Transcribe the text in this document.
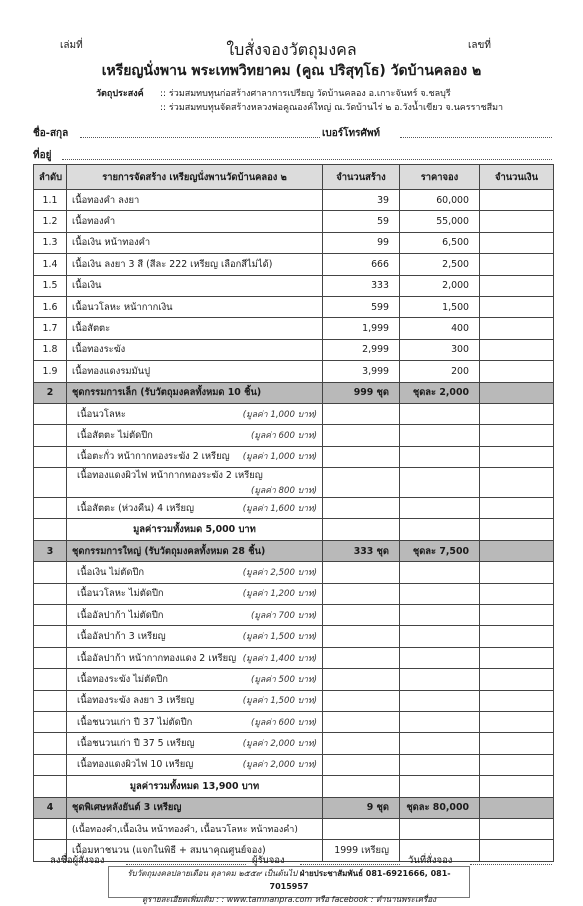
เล่มที่	เลขที่
ใบสั่งจองวัตถุมงคล
เหรียญนั่งพาน พระเทพวิทยาคม (คูณ ปริสุทฺโธ) วัดบ้านคลอง ๒
วัตถุประสงค์ :: ร่วมสมทบทุนก่อสร้างศาลาการเปรียญ วัดบ้านคลอง อ.เกาะจันทร์ จ.ชลบุรี
:: ร่วมสมทบทุนจัดสร้างหลวงพ่อคูณองค์ใหญ่ ณ.วัดบ้านไร่ ๒ อ.วังน้ำเขียว จ.นครราชสีมา
ชื่อ-สกุล	เบอร์โทรศัพท์
ที่อยู่
ลำดับ	รายการจัดสร้าง เหรียญนั่งพานวัดบ้านคลอง ๒	จำนวนสร้าง	ราคาจอง	จำนวนเงิน
1.1	เนื้อทองคำ ลงยา	39	60,000	
1.2	เนื้อทองคำ	59	55,000	
1.3	เนื้อเงิน หน้าทองคำ	99	6,500	
1.4	เนื้อเงิน ลงยา 3 สี (สีละ 222 เหรียญ เลือกสีไม่ได้)	666	2,500	
1.5	เนื้อเงิน	333	2,000	
1.6	เนื้อนวโลหะ หน้ากากเงิน	599	1,500	
1.7	เนื้อสัตตะ	1,999	400	
1.8	เนื้อทองระฆัง	2,999	300	
1.9	เนื้อทองแดงรมมันปู	3,999	200	
2	ชุดกรรมการเล็ก (รับวัตถุมงคลทั้งหมด 10 ชิ้น)	999 ชุด	ชุดละ 2,000	
	เนื้อนวโลหะ (มูลค่า 1,000 บาท)			

	เนื้อสัตตะ ไม่ตัดปีก (มูลค่า 600 บาท)			

	เนื้อตะกั่ว หน้ากากทองระฆัง 2 เหรียญ (มูลค่า 1,000 บาท)			

	เนื้อทองแดงผิวไฟ หน้ากากทองระฆัง 2 เหรียญ
(มูลค่า 800 บาท)			

	เนื้อสัตตะ (ห่วงคืน) 4 เหรียญ (มูลค่า 1,600 บาท)			

	มูลค่ารวมทั้งหมด 5,000 บาท			
3	ชุดกรรมการใหญ่ (รับวัตถุมงคลทั้งหมด 28 ชิ้น)	333 ชุด	ชุดละ 7,500	
	เนื้อเงิน ไม่ตัดปีก (มูลค่า 2,500 บาท)			

	เนื้อนวโลหะ ไม่ตัดปีก (มูลค่า 1,200 บาท)			

	เนื้ออัลปาก้า ไม่ตัดปีก (มูลค่า 700 บาท)			

	เนื้ออัลปาก้า 3 เหรียญ (มูลค่า 1,500 บาท)			

	เนื้ออัลปาก้า หน้ากากทองแดง 2 เหรียญ (มูลค่า 1,400 บาท)			

	เนื้อทองระฆัง ไม่ตัดปีก (มูลค่า 500 บาท)			

	เนื้อทองระฆัง ลงยา 3 เหรียญ (มูลค่า 1,500 บาท)			

	เนื้อชนวนเก่า ปี 37 ไม่ตัดปีก (มูลค่า 600 บาท)			

	เนื้อชนวนเก่า ปี 37 5 เหรียญ (มูลค่า 2,000 บาท)			

	เนื้อทองแดงผิวไฟ 10 เหรียญ (มูลค่า 2,000 บาท)			

	มูลค่ารวมทั้งหมด 13,900 บาท			
4	ชุดพิเศษหลังยันต์ 3 เหรียญ	9 ชุด	ชุดละ 80,000	
	(เนื้อทองคำ,เนื้อเงิน หน้าทองคำ, เนื้อนวโลหะ หน้าทองคำ)			
	เนื้อมหาชนวน (แจกในพิธี + สมนาคุณศูนย์จอง)	1999 เหรียญ		
ลงชื่อผู้สั่งจอง	ผู้รับจอง	วันที่สั่งจอง
รับวัตถุมงคลปลายเดือน ตุลาคม ๒๕๕๙ เป็นต้นไป ฝ่ายประชาสัมพันธ์ 081-6921666, 081-7015957
ดูรายละเอียดเพิ่มเติม : : www.tamnanpra.com หรือ facebook : ตำนานพระเครื่อง
